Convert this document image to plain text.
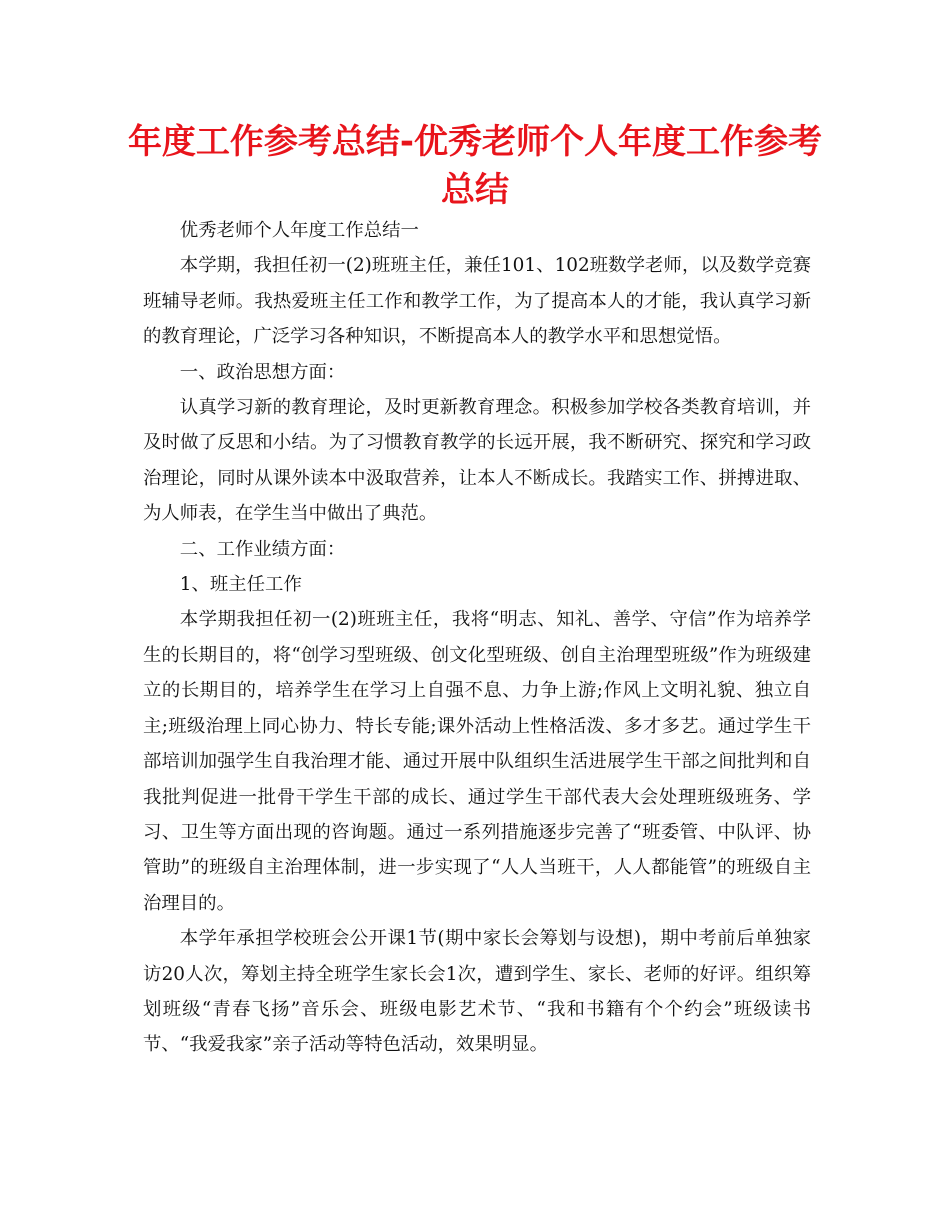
年度工作参考总结-优秀老师个人年度工作参考总结

优秀老师个人年度工作总结一

本学期，我担任初一(2)班班主任，兼任101、102班数学老师，以及数学竞赛班辅导老师。我热爱班主任工作和教学工作，为了提高本人的才能，我认真学习新的教育理论，广泛学习各种知识，不断提高本人的教学水平和思想觉悟。

一、政治思想方面：

认真学习新的教育理论，及时更新教育理念。积极参加学校各类教育培训，并及时做了反思和小结。为了习惯教育教学的长远开展，我不断研究、探究和学习政治理论，同时从课外读本中汲取营养，让本人不断成长。我踏实工作、拼搏进取、为人师表，在学生当中做出了典范。

二、工作业绩方面：

1、班主任工作

本学期我担任初一(2)班班主任，我将“明志、知礼、善学、守信”作为培养学生的长期目的，将“创学习型班级、创文化型班级、创自主治理型班级”作为班级建立的长期目的，培养学生在学习上自强不息、力争上游;作风上文明礼貌、独立自主;班级治理上同心协力、特长专能;课外活动上性格活泼、多才多艺。通过学生干部培训加强学生自我治理才能、通过开展中队组织生活进展学生干部之间批判和自我批判促进一批骨干学生干部的成长、通过学生干部代表大会处理班级班务、学习、卫生等方面出现的咨询题。通过一系列措施逐步完善了“班委管、中队评、协管助”的班级自主治理体制，进一步实现了“人人当班干，人人都能管”的班级自主治理目的。

本学年承担学校班会公开课1节(期中家长会筹划与设想)，期中考前后单独家访20人次，筹划主持全班学生家长会1次，遭到学生、家长、老师的好评。组织筹划班级“青春飞扬”音乐会、班级电影艺术节、“我和书籍有个个约会”班级读书节、“我爱我家”亲子活动等特色活动，效果明显。
